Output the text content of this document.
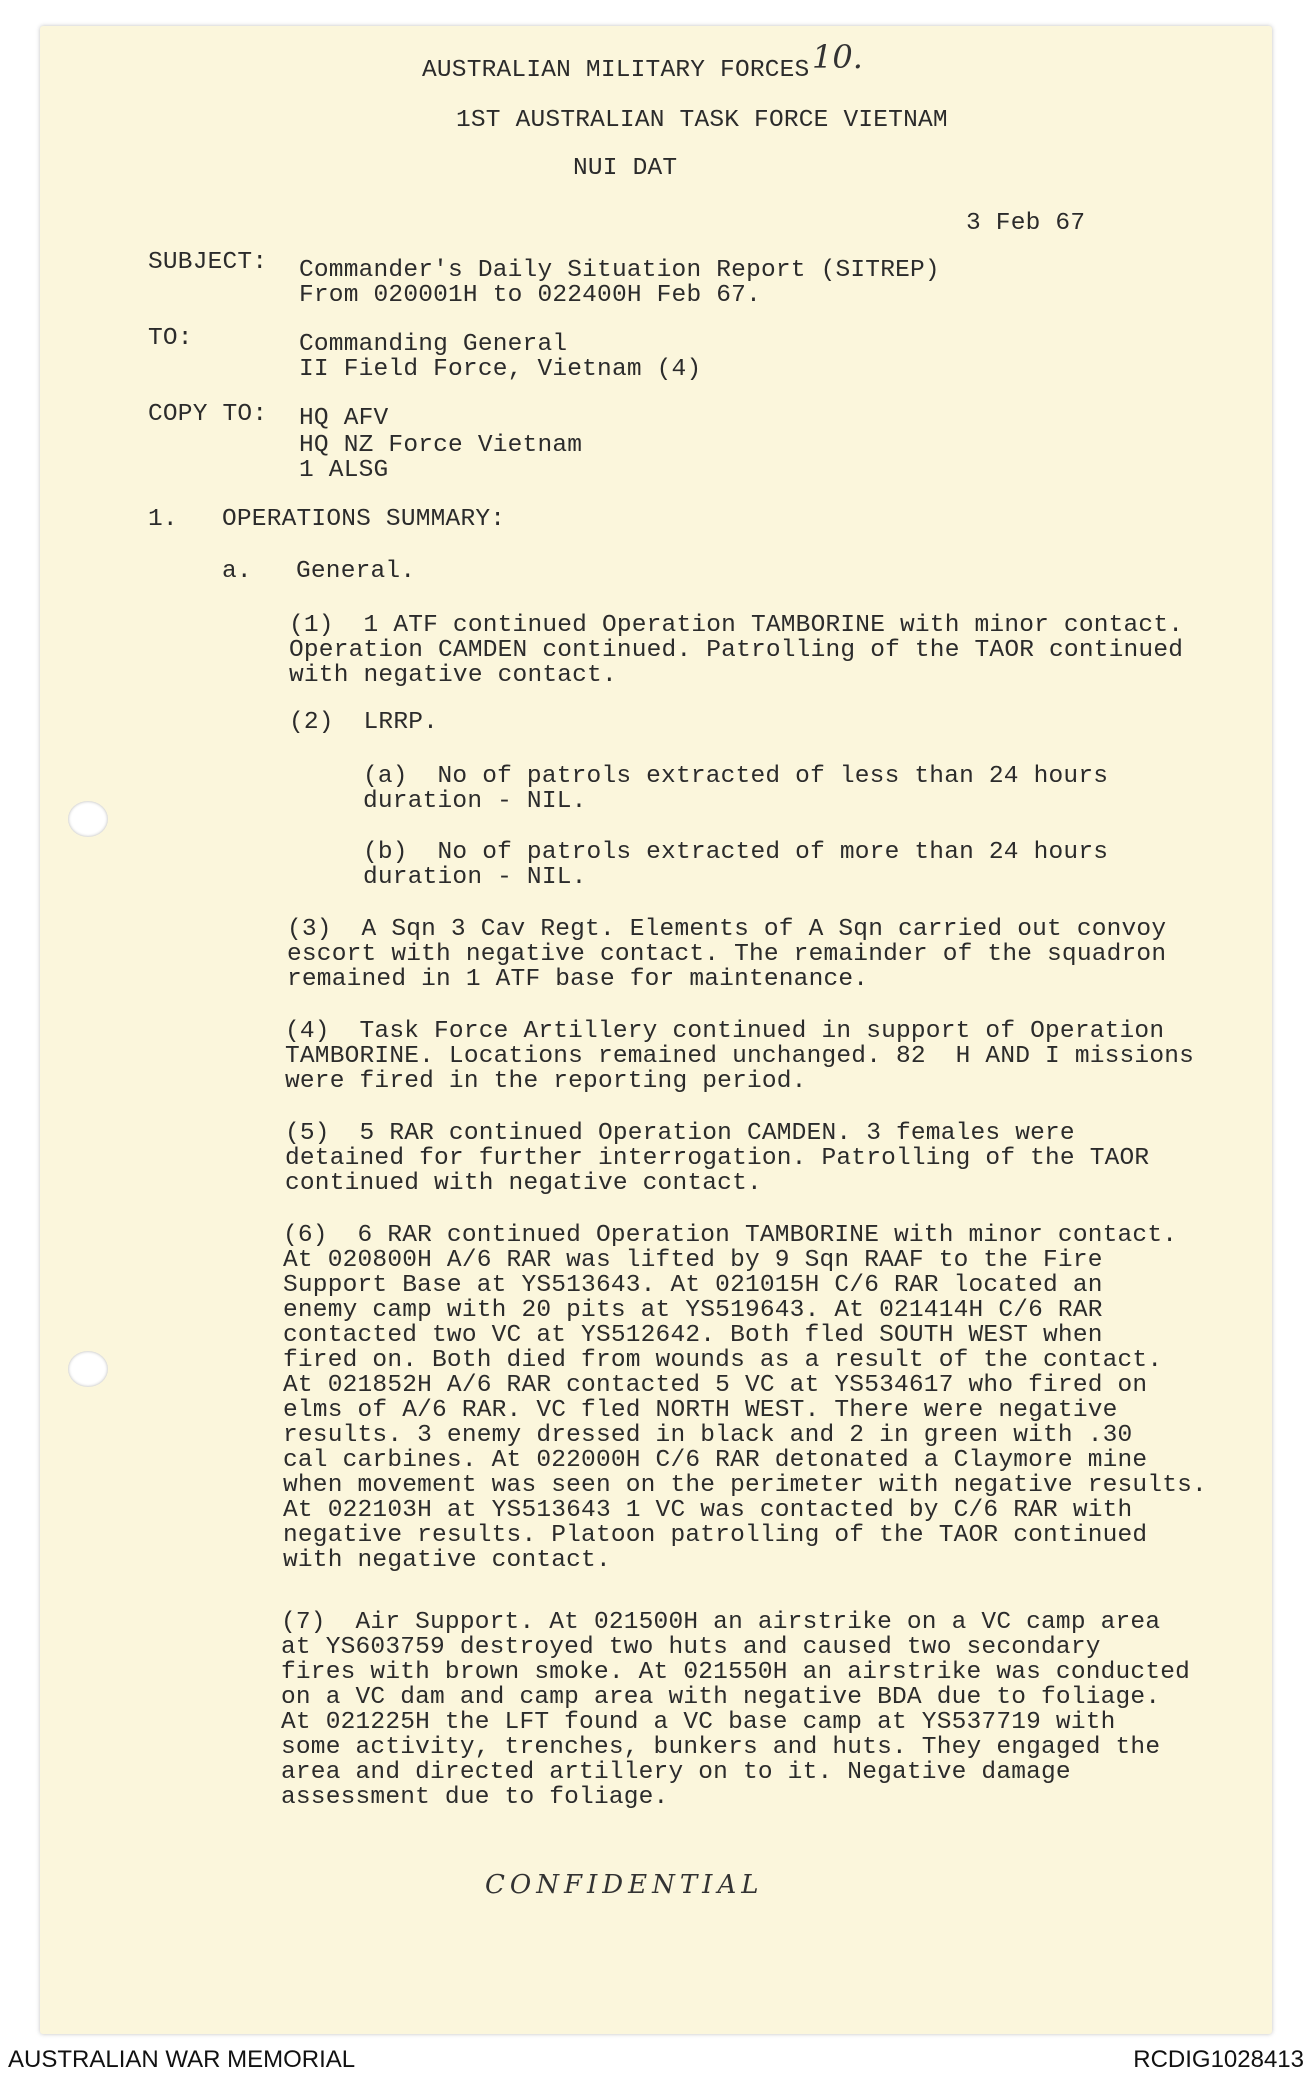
10.
AUSTRALIAN MILITARY FORCES
1ST AUSTRALIAN TASK FORCE VIETNAM
NUI DAT
3 Feb 67
SUBJECT: Commander's Daily Situation Report (SITREP)
From 020001H to 022400H Feb 67.
TO:	Commanding General
II Field Force, Vietnam (4)
COPY TO: HQ AFV
HQ NZ Force Vietnam
1 ALSG
1. OPERATIONS SUMMARY:
a. General.
(1)  1 ATF continued Operation TAMBORINE with minor contact.
Operation CAMDEN continued. Patrolling of the TAOR continued
with negative contact.
(2)  LRRP.
(a)  No of patrols extracted of less than 24 hours
duration - NIL.
(b)  No of patrols extracted of more than 24 hours
duration - NIL.
(3)  A Sqn 3 Cav Regt. Elements of A Sqn carried out convoy
escort with negative contact. The remainder of the squadron
remained in 1 ATF base for maintenance.
(4)  Task Force Artillery continued in support of Operation
TAMBORINE. Locations remained unchanged. 82  H AND I missions
were fired in the reporting period.
(5)  5 RAR continued Operation CAMDEN. 3 females were
detained for further interrogation. Patrolling of the TAOR
continued with negative contact.
(6)  6 RAR continued Operation TAMBORINE with minor contact.
At 020800H A/6 RAR was lifted by 9 Sqn RAAF to the Fire
Support Base at YS513643. At 021015H C/6 RAR located an
enemy camp with 20 pits at YS519643. At 021414H C/6 RAR
contacted two VC at YS512642. Both fled SOUTH WEST when
fired on. Both died from wounds as a result of the contact.
At 021852H A/6 RAR contacted 5 VC at YS534617 who fired on
elms of A/6 RAR. VC fled NORTH WEST. There were negative
results. 3 enemy dressed in black and 2 in green with .30
cal carbines. At 022000H C/6 RAR detonated a Claymore mine
when movement was seen on the perimeter with negative results.
At 022103H at YS513643 1 VC was contacted by C/6 RAR with
negative results. Platoon patrolling of the TAOR continued
with negative contact.
(7)  Air Support. At 021500H an airstrike on a VC camp area
at YS603759 destroyed two huts and caused two secondary
fires with brown smoke. At 021550H an airstrike was conducted
on a VC dam and camp area with negative BDA due to foliage.
At 021225H the LFT found a VC base camp at YS537719 with
some activity, trenches, bunkers and huts. They engaged the
area and directed artillery on to it. Negative damage
assessment due to foliage.
CONFIDENTIAL
AUSTRALIAN WAR MEMORIAL	RCDIG1028413
